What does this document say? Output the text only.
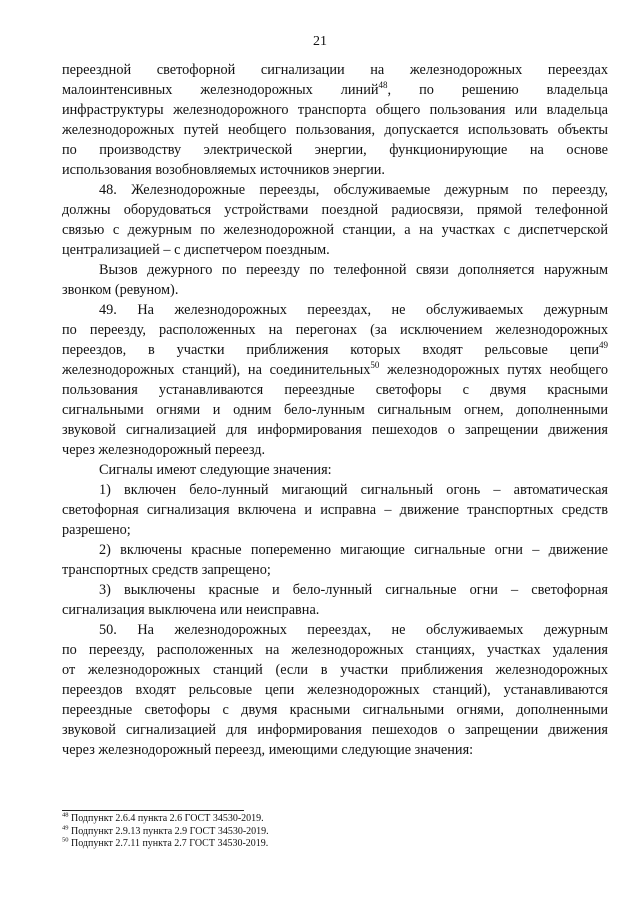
21
переездной светофорной сигнализации на железнодорожных переездах
малоинтенсивных железнодорожных линий$^{48}$, по решению владельца
инфраструктуры железнодорожного транспорта общего пользования или владельца
железнодорожных путей необщего пользования, допускается использовать объекты
по производству электрической энергии, функционирующие на основе
использования возобновляемых источников энергии.
48. Железнодорожные переезды, обслуживаемые дежурным по переезду,
должны оборудоваться устройствами поездной радиосвязи, прямой телефонной
связью с дежурным по железнодорожной станции, а на участках с диспетчерской
централизацией – с диспетчером поездным.
Вызов дежурного по переезду по телефонной связи дополняется наружным
звонком (ревуном).
49. На железнодорожных переездах, не обслуживаемых дежурным
по переезду, расположенных на перегонах (за исключением железнодорожных
переездов, в участки приближения которых входят рельсовые цепи$^{49}$
железнодорожных станций), на соединительных$^{50}$ железнодорожных путях необщего
пользования устанавливаются переездные светофоры с двумя красными
сигнальными огнями и одним бело-лунным сигнальным огнем, дополненными
звуковой сигнализацией для информирования пешеходов о запрещении движения
через железнодорожный переезд.
Сигналы имеют следующие значения:
1) включен бело-лунный мигающий сигнальный огонь – автоматическая
светофорная сигнализация включена и исправна – движение транспортных средств
разрешено;
2) включены красные попеременно мигающие сигнальные огни – движение
транспортных средств запрещено;
3) выключены красные и бело-лунный сигнальные огни – светофорная
сигнализация выключена или неисправна.
50. На железнодорожных переездах, не обслуживаемых дежурным
по переезду, расположенных на железнодорожных станциях, участках удаления
от железнодорожных станций (если в участки приближения железнодорожных
переездов входят рельсовые цепи железнодорожных станций), устанавливаются
переездные светофоры с двумя красными сигнальными огнями, дополненными
звуковой сигнализацией для информирования пешеходов о запрещении движения
через железнодорожный переезд, имеющими следующие значения:
$^{48}$ Подпункт 2.6.4 пункта 2.6 ГОСТ 34530-2019.
$^{49}$ Подпункт 2.9.13 пункта 2.9 ГОСТ 34530-2019.
$^{50}$ Подпункт 2.7.11 пункта 2.7 ГОСТ 34530-2019.
